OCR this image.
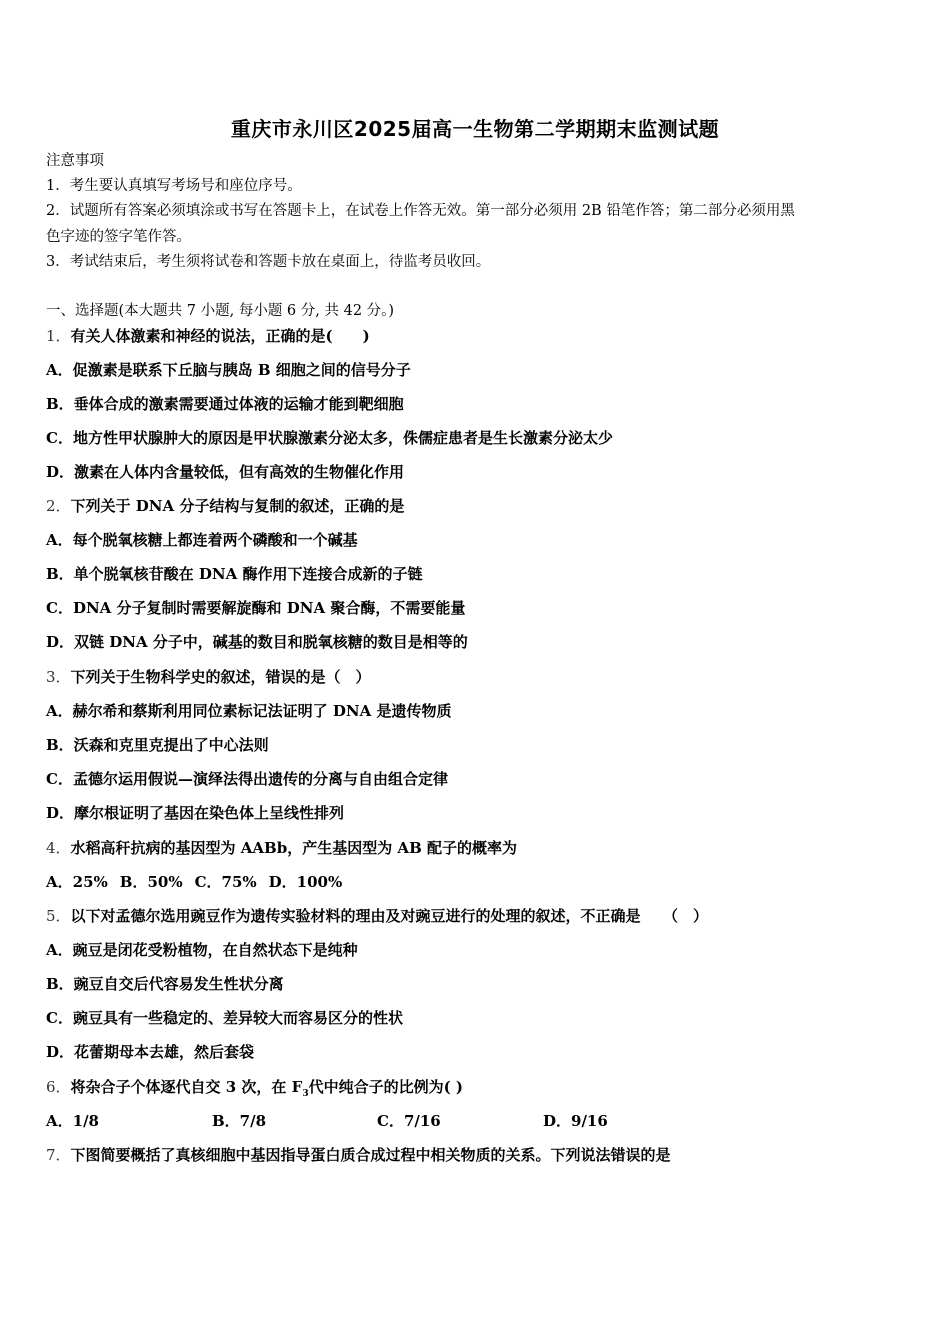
重庆市永川区2025届高一生物第二学期期末监测试题
注意事项
1．考生要认真填写考场号和座位序号。
2．试题所有答案必须填涂或书写在答题卡上，在试卷上作答无效。第一部分必须用 2B 铅笔作答；第二部分必须用黑
色字迹的签字笔作答。
3．考试结束后，考生须将试卷和答题卡放在桌面上，待监考员收回。
一、选择题(本大题共 7 小题, 每小题 6 分, 共 42 分。)
1．有关人体激素和神经的说法，正确的是(　　)
A．促激素是联系下丘脑与胰岛 B 细胞之间的信号分子
B．垂体合成的激素需要通过体液的运输才能到靶细胞
C．地方性甲状腺肿大的原因是甲状腺激素分泌太多，侏儒症患者是生长激素分泌太少
D．激素在人体内含量较低，但有高效的生物催化作用
2．下列关于 DNA 分子结构与复制的叙述，正确的是
A．每个脱氧核糖上都连着两个磷酸和一个碱基
B．单个脱氧核苷酸在 DNA 酶作用下连接合成新的子链
C．DNA 分子复制时需要解旋酶和 DNA 聚合酶，不需要能量
D．双链 DNA 分子中，碱基的数目和脱氧核糖的数目是相等的
3．下列关于生物科学史的叙述，错误的是（　）
A．赫尔希和蔡斯利用同位素标记法证明了 DNA 是遗传物质
B．沃森和克里克提出了中心法则
C．孟德尔运用假说—演绎法得出遗传的分离与自由组合定律
D．摩尔根证明了基因在染色体上呈线性排列
4．水稻高秆抗病的基因型为 AABb，产生基因型为 AB 配子的概率为
A．25% B．50% C．75% D．100%
5．以下对孟德尔选用豌豆作为遗传实验材料的理由及对豌豆进行的处理的叙述，不正确是　　（　）
A．豌豆是闭花受粉植物，在自然状态下是纯种
B．豌豆自交后代容易发生性状分离
C．豌豆具有一些稳定的、差异较大而容易区分的性状
D．花蕾期母本去雄，然后套袋
6．将杂合子个体逐代自交 3 次，在 $F_3$代中纯合子的比例为( )
A．1/8	B．7/8	C．7/16	D．9/16
7．下图简要概括了真核细胞中基因指导蛋白质合成过程中相关物质的关系。下列说法错误的是
